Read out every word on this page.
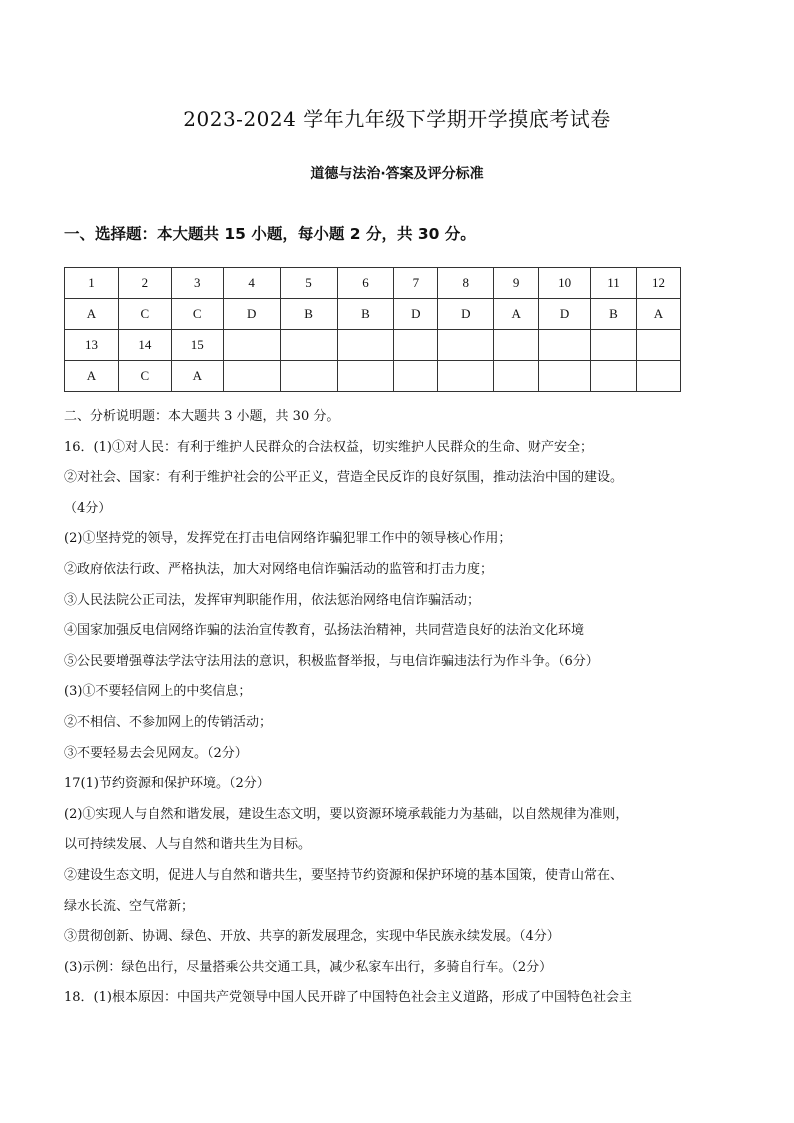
2023-2024 学年九年级下学期开学摸底考试卷
道德与法治·答案及评分标准
一、选择题：本大题共 15 小题，每小题 2 分，共 30 分。
1	2	3	4	5	6	7	8	9	10	11	12
A	C	C	D	B	B	D	D	A	D	B	A
13	14	15									
A	C	A									

二、分析说明题：本大题共 3 小题，共 30 分。

16．(1)①对人民：有利于维护人民群众的合法权益，切实维护人民群众的生命、财产安全；

②对社会、国家：有利于维护社会的公平正义，营造全民反诈的良好氛围，推动法治中国的建设。

（4分）

(2)①坚持党的领导，发挥党在打击电信网络诈骗犯罪工作中的领导核心作用；

②政府依法行政、严格执法，加大对网络电信诈骗活动的监管和打击力度；

③人民法院公正司法，发挥审判职能作用，依法惩治网络电信诈骗活动；

④国家加强反电信网络诈骗的法治宣传教育，弘扬法治精神，共同营造良好的法治文化环境

⑤公民要增强尊法学法守法用法的意识，积极监督举报，与电信诈骗违法行为作斗争。（6分）

(3)①不要轻信网上的中奖信息；

②不相信、不参加网上的传销活动；

③不要轻易去会见网友。（2分）

17(1)节约资源和保护环境。（2分）

(2)①实现人与自然和谐发展，建设生态文明，要以资源环境承载能力为基础，以自然规律为准则，

以可持续发展、人与自然和谐共生为目标。

②建设生态文明，促进人与自然和谐共生，要坚持节约资源和保护环境的基本国策，使青山常在、

绿水长流、空气常新；

③贯彻创新、协调、绿色、开放、共享的新发展理念，实现中华民族永续发展。（4分）

(3)示例：绿色出行，尽量搭乘公共交通工具，减少私家车出行，多骑自行车。（2分）

18．(1)根本原因：中国共产党领导中国人民开辟了中国特色社会主义道路，形成了中国特色社会主
